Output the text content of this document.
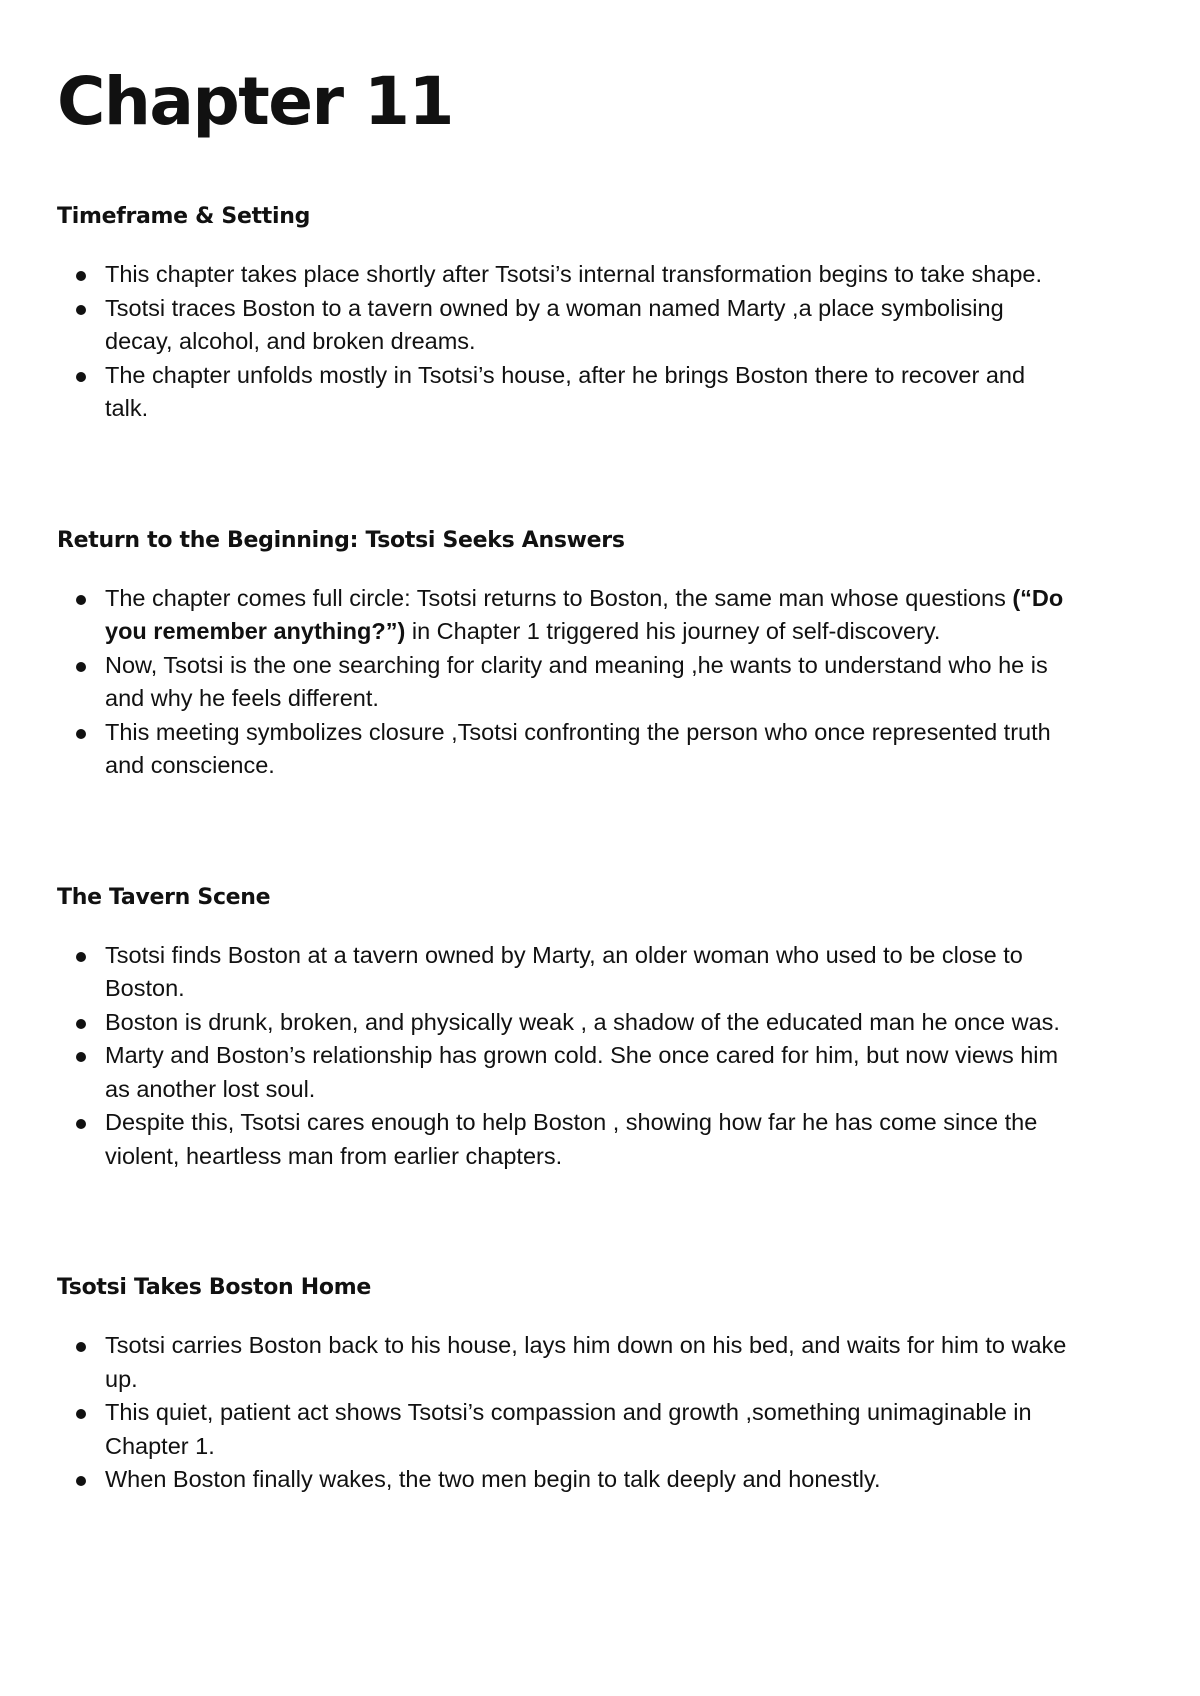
Chapter 11
Timeframe & Setting
This chapter takes place shortly after Tsotsi’s internal transformation begins to take shape.
Tsotsi traces Boston to a tavern owned by a woman named Marty ,a place symbolising decay, alcohol, and broken dreams.
The chapter unfolds mostly in Tsotsi’s house, after he brings Boston there to recover and talk.
Return to the Beginning: Tsotsi Seeks Answers
The chapter comes full circle: Tsotsi returns to Boston, the same man whose questions (“Do you remember anything?”) in Chapter 1 triggered his journey of self-discovery.
Now, Tsotsi is the one searching for clarity and meaning ,he wants to understand who he is and why he feels different.
This meeting symbolizes closure ,Tsotsi confronting the person who once represented truth and conscience.
The Tavern Scene
Tsotsi finds Boston at a tavern owned by Marty, an older woman who used to be close to Boston.
Boston is drunk, broken, and physically weak , a shadow of the educated man he once was.
Marty and Boston’s relationship has grown cold. She once cared for him, but now views him as another lost soul.
Despite this, Tsotsi cares enough to help Boston , showing how far he has come since the violent, heartless man from earlier chapters.
Tsotsi Takes Boston Home
Tsotsi carries Boston back to his house, lays him down on his bed, and waits for him to wake up.
This quiet, patient act shows Tsotsi’s compassion and growth ,something unimaginable in Chapter 1.
When Boston finally wakes, the two men begin to talk deeply and honestly.
